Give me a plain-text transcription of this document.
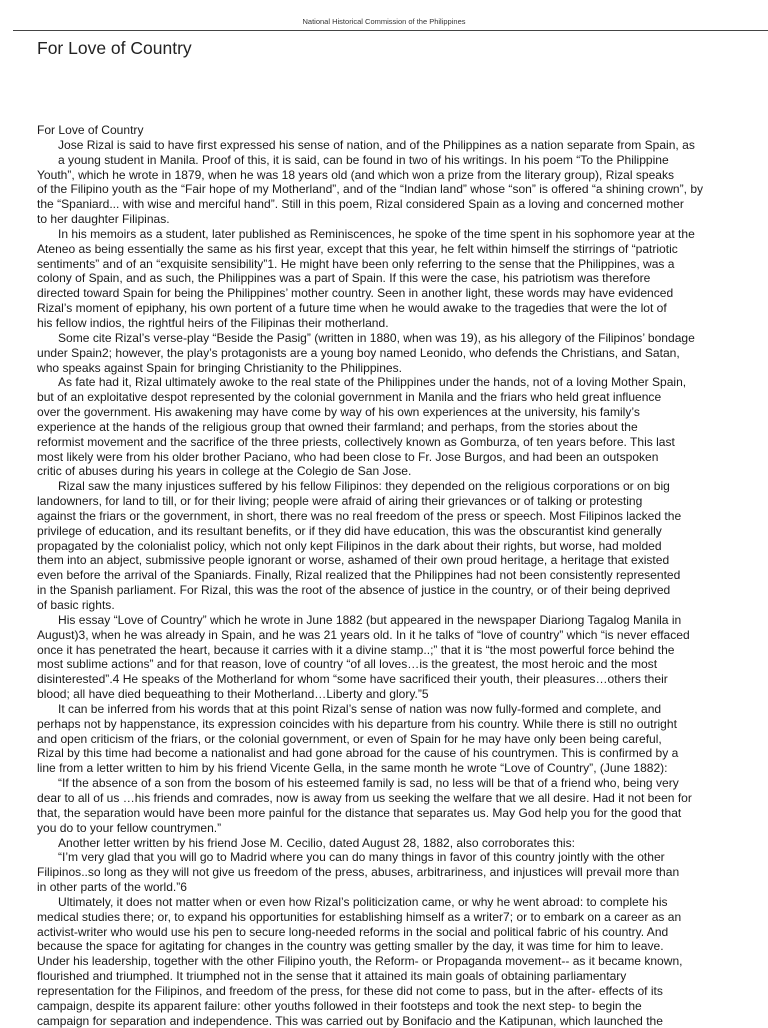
National Historical Commission of the Philippines
For Love of Country
For Love of Country
Jose Rizal is said to have first expressed his sense of nation, and of the Philippines as a nation separate from Spain, as
a young student in Manila. Proof of this, it is said, can be found in two of his writings. In his poem “To the Philippine
Youth”, which he wrote in 1879, when he was 18 years old (and which won a prize from the literary group), Rizal speaks
of the Filipino youth as the “Fair hope of my Motherland”, and of the “Indian land” whose “son” is offered “a shining crown”, by
the “Spaniard... with wise and merciful hand”. Still in this poem, Rizal considered Spain as a loving and concerned mother
to her daughter Filipinas.
In his memoirs as a student, later published as Reminiscences, he spoke of the time spent in his sophomore year at the
Ateneo as being essentially the same as his first year, except that this year, he felt within himself the stirrings of “patriotic
sentiments” and of an “exquisite sensibility”1. He might have been only referring to the sense that the Philippines, was a
colony of Spain, and as such, the Philippines was a part of Spain. If this were the case, his patriotism was therefore
directed toward Spain for being the Philippines’ mother country. Seen in another light, these words may have evidenced
Rizal’s moment of epiphany, his own portent of a future time when he would awake to the tragedies that were the lot of
his fellow indios, the rightful heirs of the Filipinas their motherland.
Some cite Rizal’s verse-play “Beside the Pasig” (written in 1880, when was 19), as his allegory of the Filipinos’ bondage
under Spain2; however, the play’s protagonists are a young boy named Leonido, who defends the Christians, and Satan,
who speaks against Spain for bringing Christianity to the Philippines.
As fate had it, Rizal ultimately awoke to the real state of the Philippines under the hands, not of a loving Mother Spain,
but of an exploitative despot represented by the colonial government in Manila and the friars who held great influence
over the government. His awakening may have come by way of his own experiences at the university, his family’s
experience at the hands of the religious group that owned their farmland; and perhaps, from the stories about the
reformist movement and the sacrifice of the three priests, collectively known as Gomburza, of ten years before. This last
most likely were from his older brother Paciano, who had been close to Fr. Jose Burgos, and had been an outspoken
critic of abuses during his years in college at the Colegio de San Jose.
Rizal saw the many injustices suffered by his fellow Filipinos: they depended on the religious corporations or on big
landowners, for land to till, or for their living; people were afraid of airing their grievances or of talking or protesting
against the friars or the government, in short, there was no real freedom of the press or speech. Most Filipinos lacked the
privilege of education, and its resultant benefits, or if they did have education, this was the obscurantist kind generally
propagated by the colonialist policy, which not only kept Filipinos in the dark about their rights, but worse, had molded
them into an abject, submissive people ignorant or worse, ashamed of their own proud heritage, a heritage that existed
even before the arrival of the Spaniards. Finally, Rizal realized that the Philippines had not been consistently represented
in the Spanish parliament. For Rizal, this was the root of the absence of justice in the country, or of their being deprived
of basic rights.
His essay “Love of Country” which he wrote in June 1882 (but appeared in the newspaper Diariong Tagalog Manila in
August)3, when he was already in Spain, and he was 21 years old. In it he talks of “love of country” which “is never effaced
once it has penetrated the heart, because it carries with it a divine stamp..;” that it is “the most powerful force behind the
most sublime actions” and for that reason, love of country “of all loves…is the greatest, the most heroic and the most
disinterested”.4 He speaks of the Motherland for whom “some have sacrificed their youth, their pleasures…others their
blood; all have died bequeathing to their Motherland…Liberty and glory.”5
It can be inferred from his words that at this point Rizal’s sense of nation was now fully-formed and complete, and
perhaps not by happenstance, its expression coincides with his departure from his country. While there is still no outright
and open criticism of the friars, or the colonial government, or even of Spain for he may have only been being careful,
Rizal by this time had become a nationalist and had gone abroad for the cause of his countrymen. This is confirmed by a
line from a letter written to him by his friend Vicente Gella, in the same month he wrote “Love of Country”, (June 1882):
“If the absence of a son from the bosom of his esteemed family is sad, no less will be that of a friend who, being very
dear to all of us …his friends and comrades, now is away from us seeking the welfare that we all desire. Had it not been for
that, the separation would have been more painful for the distance that separates us. May God help you for the good that
you do to your fellow countrymen.”
Another letter written by his friend Jose M. Cecilio, dated August 28, 1882, also corroborates this:
“I’m very glad that you will go to Madrid where you can do many things in favor of this country jointly with the other
Filipinos..so long as they will not give us freedom of the press, abuses, arbitrariness, and injustices will prevail more than
in other parts of the world.”6
Ultimately, it does not matter when or even how Rizal’s politicization came, or why he went abroad: to complete his
medical studies there; or, to expand his opportunities for establishing himself as a writer7; or to embark on a career as an
activist-writer who would use his pen to secure long-needed reforms in the social and political fabric of his country. And
because the space for agitating for changes in the country was getting smaller by the day, it was time for him to leave.
Under his leadership, together with the other Filipino youth, the Reform- or Propaganda movement-- as it became known,
flourished and triumphed. It triumphed not in the sense that it attained its main goals of obtaining parliamentary
representation for the Filipinos, and freedom of the press, for these did not come to pass, but in the after- effects of its
campaign, despite its apparent failure: other youths followed in their footsteps and took the next step- to begin the
campaign for separation and independence. This was carried out by Bonifacio and the Katipunan, which launched the
